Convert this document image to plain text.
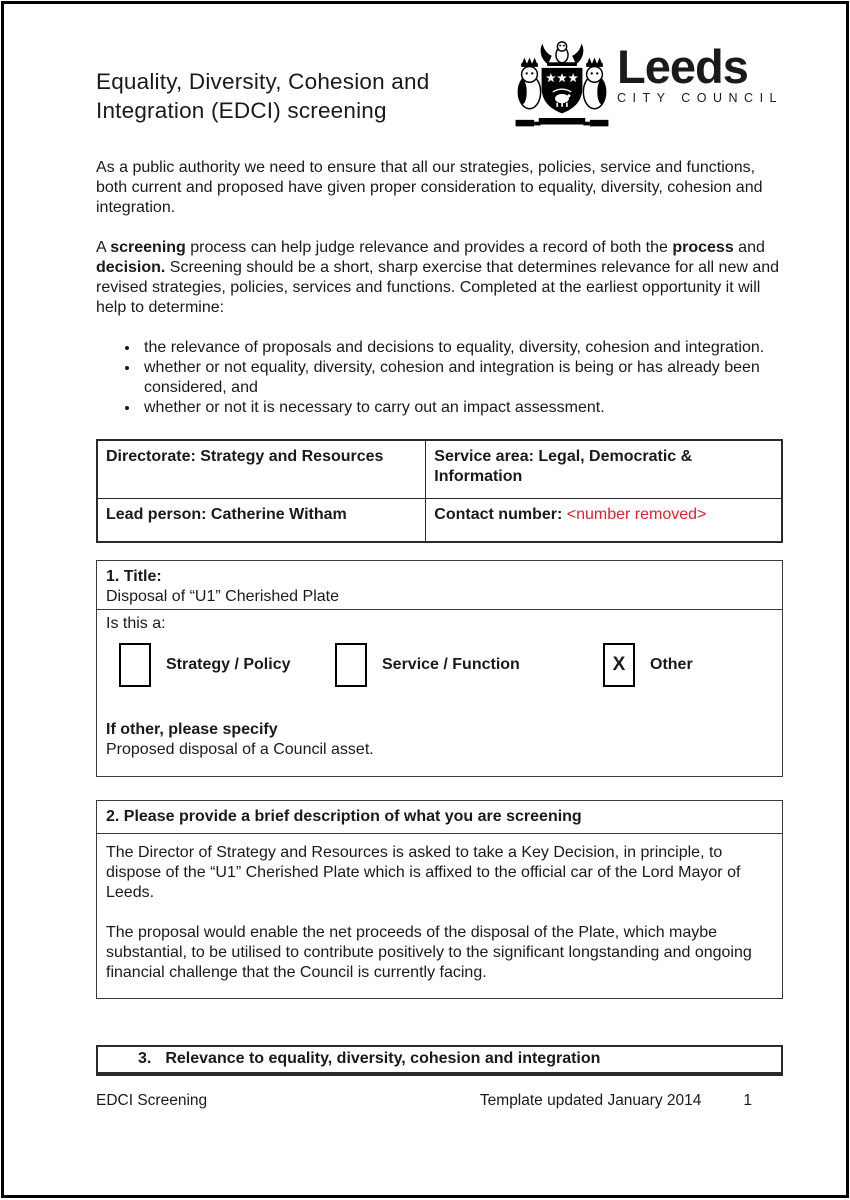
Equality, Diversity, Cohesion and
Integration (EDCI) screening
Leeds
CITY COUNCIL

As a public authority we need to ensure that all our strategies, policies, service and functions, both current and proposed have given proper consideration to equality, diversity, cohesion and integration.

A screening process can help judge relevance and provides a record of both the process and decision. Screening should be a short, sharp exercise that determines relevance for all new and revised strategies, policies, services and functions. Completed at the earliest opportunity it will help to determine:

• the relevance of proposals and decisions to equality, diversity, cohesion and integration.
• whether or not equality, diversity, cohesion and integration is being or has already been considered, and
• whether or not it is necessary to carry out an impact assessment.
Directorate: Strategy and Resources	Service area: Legal, Democratic & Information
Lead person: Catherine Witham	Contact number: <number removed>
1. Title:
Disposal of “U1” Cherished Plate
Is this a:
Strategy / Policy	Service / Function	X	Other
If other, please specify
Proposed disposal of a Council asset.
2. Please provide a brief description of what you are screening

The Director of Strategy and Resources is asked to take a Key Decision, in principle, to dispose of the “U1” Cherished Plate which is affixed to the official car of the Lord Mayor of Leeds.

The proposal would enable the net proceeds of the disposal of the Plate, which maybe substantial, to be utilised to contribute positively to the significant longstanding and ongoing financial challenge that the Council is currently facing.

3. Relevance to equality, diversity, cohesion and integration
EDCI Screening	Template updated January 2014	1
